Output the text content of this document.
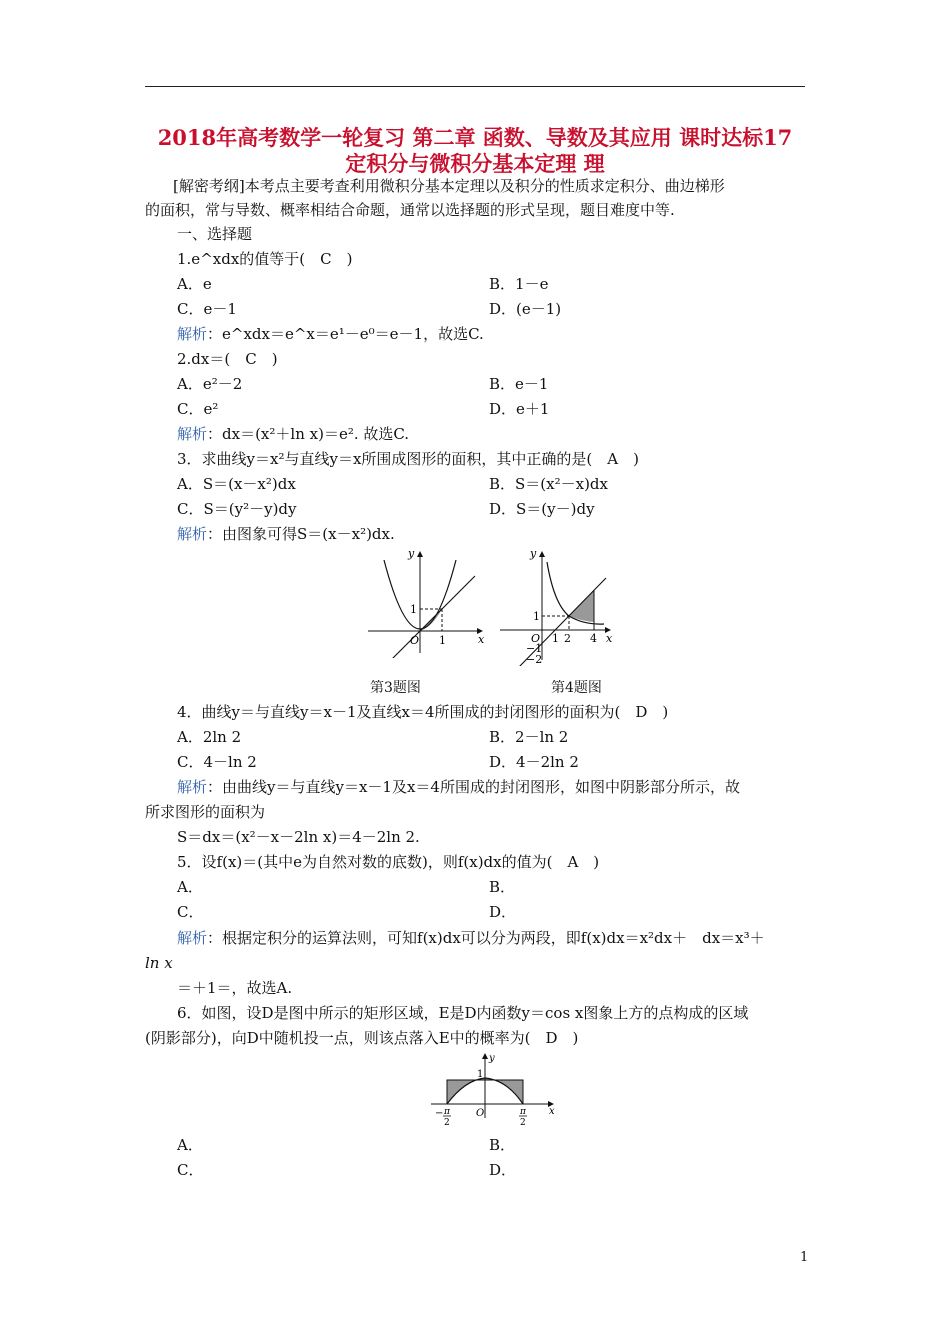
2018年高考数学一轮复习 第二章 函数、导数及其应用 课时达标17
定积分与微积分基本定理 理
[解密考纲]本考点主要考查利用微积分基本定理以及积分的性质求定积分、曲边梯形
的面积，常与导数、概率相结合命题，通常以选择题的形式呈现，题目难度中等.
一、选择题
1.e^xdx的值等于(　C　)
A．e	B．1－e
C．e－1	D．(e－1)
解析：e^xdx＝e^x＝e¹－e⁰＝e－1，故选C.
2.dx＝(　C　)
A．e²－2	B．e－1
C．e²	D．e＋1
解析：dx＝(x²＋ln x)＝e². 故选C.
3．求曲线y＝x²与直线y＝x所围成图形的面积，其中正确的是(　A　)
A．S＝(x－x²)dx	B．S＝(x²－x)dx
C．S＝(y²－y)dy	D．S＝(y－)dy
解析：由图象可得S＝(x－x²)dx.
y
x
O
1
1
第3题图
y
x
O
1
−1
−2
1 2 4
第4题图
4．曲线y＝与直线y＝x－1及直线x＝4所围成的封闭图形的面积为(　D　)
A．2ln 2	B．2－ln 2
C．4－ln 2	D．4－2ln 2
解析：由曲线y＝与直线y＝x－1及x＝4所围成的封闭图形，如图中阴影部分所示，故
所求图形的面积为
S＝dx＝(x²－x－2ln x)＝4－2ln 2.
5．设f(x)＝(其中e为自然对数的底数)，则f(x)dx的值为(　A　)
A．	B．
C．	D．
解析：根据定积分的运算法则，可知f(x)dx可以分为两段，即f(x)dx＝x²dx＋　dx＝x³＋
ln x
＝＋1＝，故选A.
6．如图，设D是图中所示的矩形区域，E是D内函数y＝cos x图象上方的点构成的区域
(阴影部分)，向D中随机投一点，则该点落入E中的概率为(　D　)
y
x
O
1
− π
2
π
2
A．	B．
C．	D．
1
